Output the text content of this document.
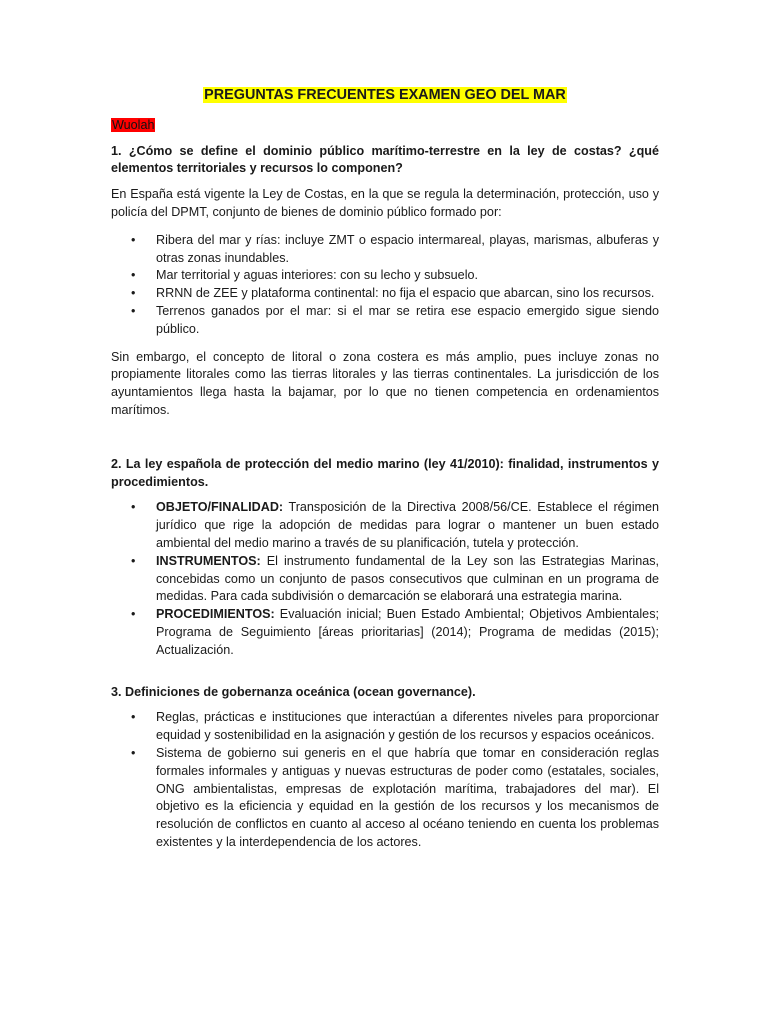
PREGUNTAS FRECUENTES EXAMEN GEO DEL MAR
Wuolah

1. ¿Cómo se define el dominio público marítimo-terrestre en la ley de costas? ¿qué elementos territoriales y recursos lo componen?

En España está vigente la Ley de Costas, en la que se regula la determinación, protección, uso y policía del DPMT, conjunto de bienes de dominio público formado por:

• Ribera del mar y rías: incluye ZMT o espacio intermareal, playas, marismas, albuferas y otras zonas inundables.
• Mar territorial y aguas interiores: con su lecho y subsuelo.
• RRNN de ZEE y plataforma continental: no fija el espacio que abarcan, sino los recursos.
• Terrenos ganados por el mar: si el mar se retira ese espacio emergido sigue siendo público.

Sin embargo, el concepto de litoral o zona costera es más amplio, pues incluye zonas no propiamente litorales como las tierras litorales y las tierras continentales. La jurisdicción de los ayuntamientos llega hasta la bajamar, por lo que no tienen competencia en ordenamientos marítimos.

2. La ley española de protección del medio marino (ley 41/2010): finalidad, instrumentos y procedimientos.

• OBJETO/FINALIDAD: Transposición de la Directiva 2008/56/CE. Establece el régimen jurídico que rige la adopción de medidas para lograr o mantener un buen estado ambiental del medio marino a través de su planificación, tutela y protección.
• INSTRUMENTOS: El instrumento fundamental de la Ley son las Estrategias Marinas, concebidas como un conjunto de pasos consecutivos que culminan en un programa de medidas. Para cada subdivisión o demarcación se elaborará una estrategia marina.
• PROCEDIMIENTOS: Evaluación inicial; Buen Estado Ambiental; Objetivos Ambientales; Programa de Seguimiento [áreas prioritarias] (2014); Programa de medidas (2015); Actualización.

3. Definiciones de gobernanza oceánica (ocean governance).

• Reglas, prácticas e instituciones que interactúan a diferentes niveles para proporcionar equidad y sostenibilidad en la asignación y gestión de los recursos y espacios oceánicos.
• Sistema de gobierno sui generis en el que habría que tomar en consideración reglas formales informales y antiguas y nuevas estructuras de poder como (estatales, sociales, ONG ambientalistas, empresas de explotación marítima, trabajadores del mar). El objetivo es la eficiencia y equidad en la gestión de los recursos y los mecanismos de resolución de conflictos en cuanto al acceso al océano teniendo en cuenta los problemas existentes y la interdependencia de los actores.
